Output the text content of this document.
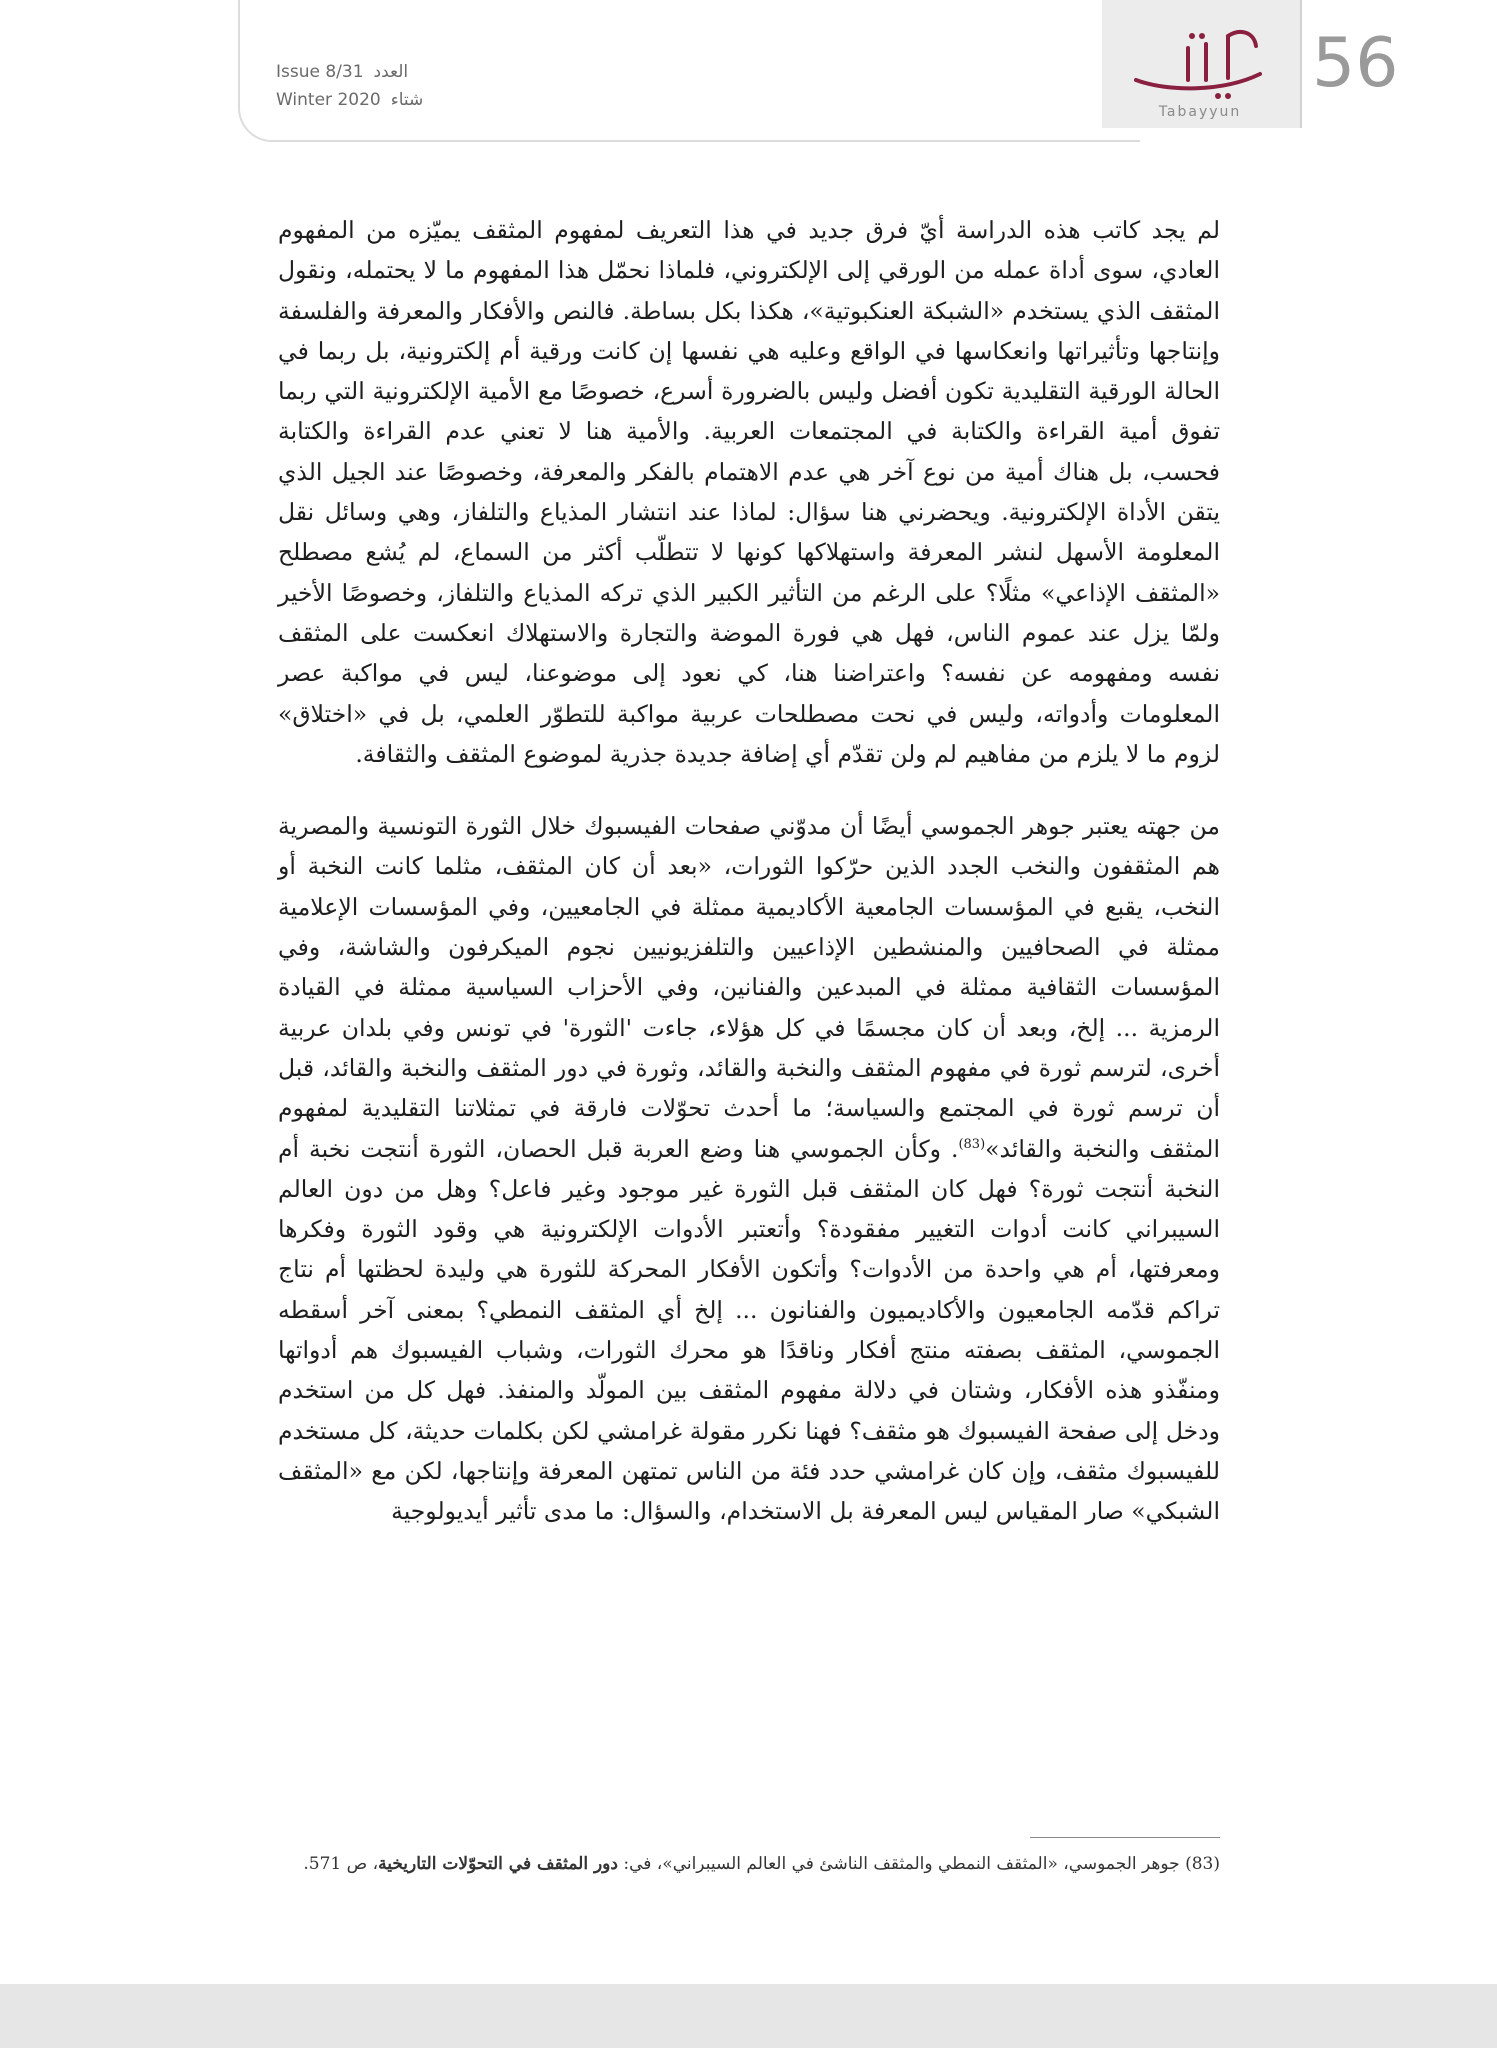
Issue 8/31 العدد
Winter 2020 شتاء
Tabayyun
56

لم يجد كاتب هذه الدراسة أيّ فرق جديد في هذا التعريف لمفهوم المثقف يميّزه من المفهوم العادي، سوى أداة عمله من الورقي إلى الإلكتروني، فلماذا نحمّل هذا المفهوم ما لا يحتمله، ونقول المثقف الذي يستخدم «الشبكة العنكبوتية»، هكذا بكل بساطة. فالنص والأفكار والمعرفة والفلسفة وإنتاجها وتأثيراتها وانعكاسها في الواقع وعليه هي نفسها إن كانت ورقية أم إلكترونية، بل ربما في الحالة الورقية التقليدية تكون أفضل وليس بالضرورة أسرع، خصوصًا مع الأمية الإلكترونية التي ربما تفوق أمية القراءة والكتابة في المجتمعات العربية. والأمية هنا لا تعني عدم القراءة والكتابة فحسب، بل هناك أمية من نوع آخر هي عدم الاهتمام بالفكر والمعرفة، وخصوصًا عند الجيل الذي يتقن الأداة الإلكترونية. ويحضرني هنا سؤال: لماذا عند انتشار المذياع والتلفاز، وهي وسائل نقل المعلومة الأسهل لنشر المعرفة واستهلاكها كونها لا تتطلّب أكثر من السماع، لم يُشع مصطلح «المثقف الإذاعي» مثلًا؟ على الرغم من التأثير الكبير الذي تركه المذياع والتلفاز، وخصوصًا الأخير ولمّا يزل عند عموم الناس، فهل هي فورة الموضة والتجارة والاستهلاك انعكست على المثقف نفسه ومفهومه عن نفسه؟ واعتراضنا هنا، كي نعود إلى موضوعنا، ليس في مواكبة عصر المعلومات وأدواته، وليس في نحت مصطلحات عربية مواكبة للتطوّر العلمي، بل في «اختلاق» لزوم ما لا يلزم من مفاهيم لم ولن تقدّم أي إضافة جديدة جذرية لموضوع المثقف والثقافة.

من جهته يعتبر جوهر الجموسي أيضًا أن مدوّني صفحات الفيسبوك خلال الثورة التونسية والمصرية هم المثقفون والنخب الجدد الذين حرّكوا الثورات، «بعد أن كان المثقف، مثلما كانت النخبة أو النخب، يقبع في المؤسسات الجامعية الأكاديمية ممثلة في الجامعيين، وفي المؤسسات الإعلامية ممثلة في الصحافيين والمنشطين الإذاعيين والتلفزيونيين نجوم الميكرفون والشاشة، وفي المؤسسات الثقافية ممثلة في المبدعين والفنانين، وفي الأحزاب السياسية ممثلة في القيادة الرمزية ... إلخ، وبعد أن كان مجسمًا في كل هؤلاء، جاءت 'الثورة' في تونس وفي بلدان عربية أخرى، لترسم ثورة في مفهوم المثقف والنخبة والقائد، وثورة في دور المثقف والنخبة والقائد، قبل أن ترسم ثورة في المجتمع والسياسة؛ ما أحدث تحوّلات فارقة في تمثلاتنا التقليدية لمفهوم المثقف والنخبة والقائد»$^{(83)}$. وكأن الجموسي هنا وضع العربة قبل الحصان، الثورة أنتجت نخبة أم النخبة أنتجت ثورة؟ فهل كان المثقف قبل الثورة غير موجود وغير فاعل؟ وهل من دون العالم السيبراني كانت أدوات التغيير مفقودة؟ وأتعتبر الأدوات الإلكترونية هي وقود الثورة وفكرها ومعرفتها، أم هي واحدة من الأدوات؟ وأتكون الأفكار المحركة للثورة هي وليدة لحظتها أم نتاج تراكم قدّمه الجامعيون والأكاديميون والفنانون ... إلخ أي المثقف النمطي؟ بمعنى آخر أسقطه الجموسي، المثقف بصفته منتج أفكار وناقدًا هو محرك الثورات، وشباب الفيسبوك هم أدواتها ومنفّذو هذه الأفكار، وشتان في دلالة مفهوم المثقف بين المولّد والمنفذ. فهل كل من استخدم ودخل إلى صفحة الفيسبوك هو مثقف؟ فهنا نكرر مقولة غرامشي لكن بكلمات حديثة، كل مستخدم للفيسبوك مثقف، وإن كان غرامشي حدد فئة من الناس تمتهن المعرفة وإنتاجها، لكن مع «المثقف الشبكي» صار المقياس ليس المعرفة بل الاستخدام، والسؤال: ما مدى تأثير أيديولوجية

(83) جوهر الجموسي، «المثقف النمطي والمثقف الناشئ في العالم السيبراني»، في: دور المثقف في التحوّلات التاريخية، ص 571.
